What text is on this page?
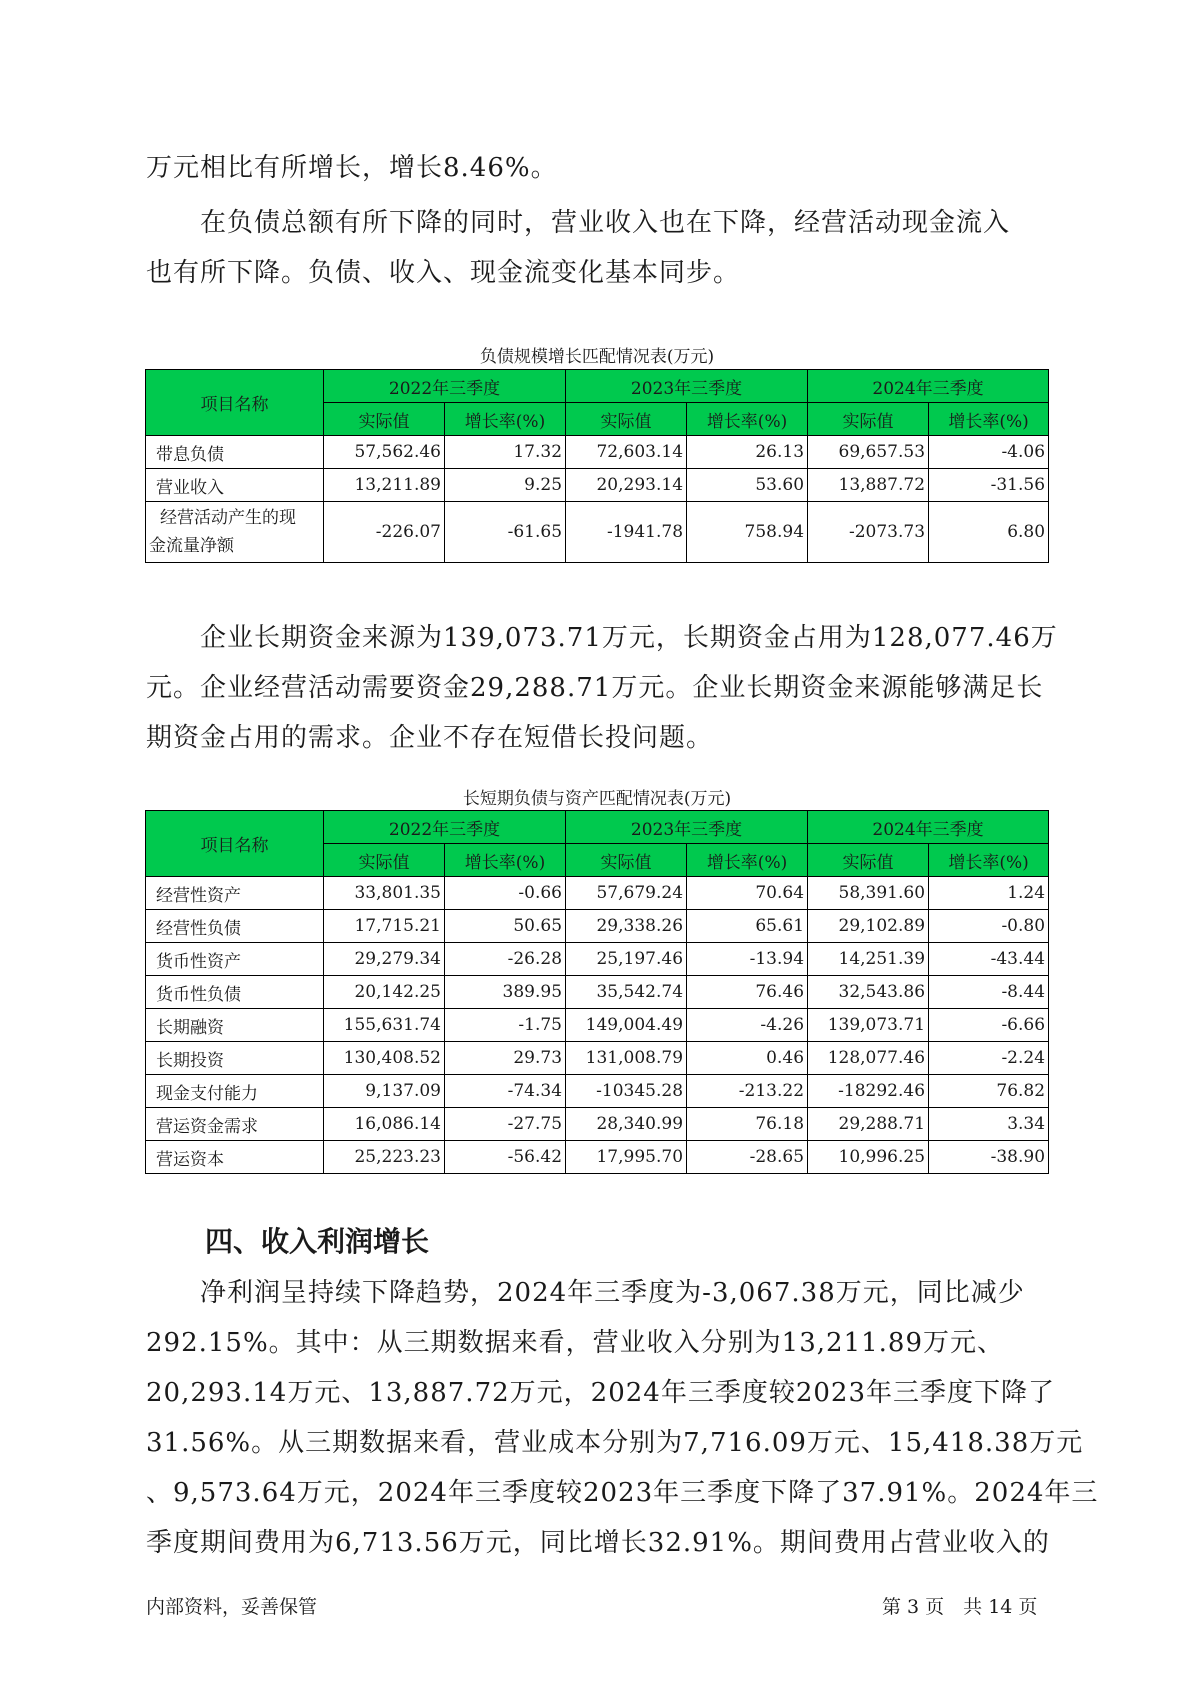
万元相比有所增长，增长8.46%。

　　在负债总额有所下降的同时，营业收入也在下降，经营活动现金流入
也有所下降。负债、收入、现金流变化基本同步。

负债规模增长匹配情况表(万元)
项目名称	2022年三季度		2023年三季度		2024年三季度	
	实际值	增长率(%)	实际值	增长率(%)	实际值	增长率(%)
带息负债	57,562.46	17.32	72,603.14	26.13	69,657.53	-4.06
营业收入	13,211.89	9.25	20,293.14	53.60	13,887.72	-31.56

经营活动产生的现
金流量净额	-226.07	-61.65	-1941.78	758.94	-2073.73	6.80

　　企业长期资金来源为139,073.71万元，长期资金占用为128,077.46万
元。企业经营活动需要资金29,288.71万元。企业长期资金来源能够满足长
期资金占用的需求。企业不存在短借长投问题。

长短期负债与资产匹配情况表(万元)
项目名称	2022年三季度		2023年三季度		2024年三季度	
	实际值	增长率(%)	实际值	增长率(%)	实际值	增长率(%)
经营性资产	33,801.35	-0.66	57,679.24	70.64	58,391.60	1.24
经营性负债	17,715.21	50.65	29,338.26	65.61	29,102.89	-0.80
货币性资产	29,279.34	-26.28	25,197.46	-13.94	14,251.39	-43.44
货币性负债	20,142.25	389.95	35,542.74	76.46	32,543.86	-8.44
长期融资	155,631.74	-1.75	149,004.49	-4.26	139,073.71	-6.66
长期投资	130,408.52	29.73	131,008.79	0.46	128,077.46	-2.24
现金支付能力	9,137.09	-74.34	-10345.28	-213.22	-18292.46	76.82
营运资金需求	16,086.14	-27.75	28,340.99	76.18	29,288.71	3.34
营运资本	25,223.23	-56.42	17,995.70	-28.65	10,996.25	-38.90
四、收入利润增长

　　净利润呈持续下降趋势，2024年三季度为-3,067.38万元，同比减少
292.15%。其中：从三期数据来看，营业收入分别为13,211.89万元、
20,293.14万元、13,887.72万元，2024年三季度较2023年三季度下降了
31.56%。从三期数据来看，营业成本分别为7,716.09万元、15,418.38万元
、9,573.64万元，2024年三季度较2023年三季度下降了37.91%。2024年三
季度期间费用为6,713.56万元，同比增长32.91%。期间费用占营业收入的

内部资料，妥善保管	第 3 页　共 14 页
